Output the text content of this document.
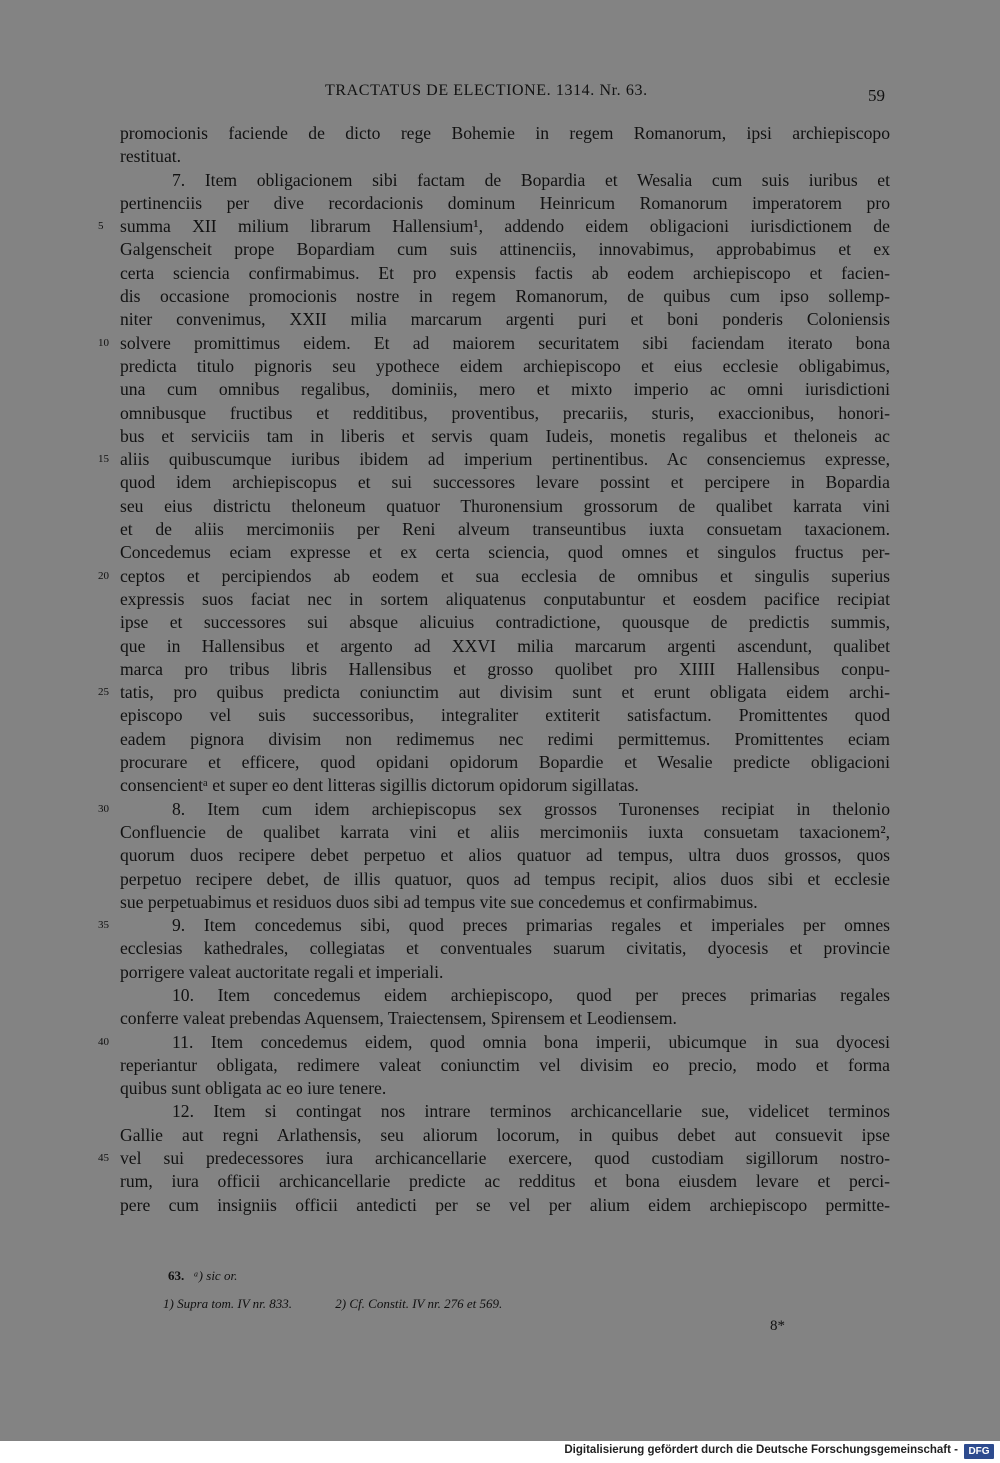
TRACTATUS DE ELECTIONE. 1314. Nr. 63.	59
promocionis faciende de dicto rege Bohemie in regem Romanorum, ipsi archiepiscopo
restituat.
7. Item obligacionem sibi factam de Bopardia et Wesalia cum suis iuribus et
pertinenciis per dive recordacionis dominum Heinricum Romanorum imperatorem pro
5 summa XII milium librarum Hallensium¹, addendo eidem obligacioni iurisdictionem de
Galgenscheit prope Bopardiam cum suis attinenciis, innovabimus, approbabimus et ex
certa sciencia confirmabimus. Et pro expensis factis ab eodem archiepiscopo et facien-
dis occasione promocionis nostre in regem Romanorum, de quibus cum ipso sollemp-
niter convenimus, XXII milia marcarum argenti puri et boni ponderis Coloniensis
10 solvere promittimus eidem. Et ad maiorem securitatem sibi faciendam iterato bona
predicta titulo pignoris seu ypothece eidem archiepiscopo et eius ecclesie obligabimus,
una cum omnibus regalibus, dominiis, mero et mixto imperio ac omni iurisdictioni
omnibusque fructibus et redditibus, proventibus, precariis, sturis, exaccionibus, honori-
bus et serviciis tam in liberis et servis quam Iudeis, monetis regalibus et theloneis ac
15 aliis quibuscumque iuribus ibidem ad imperium pertinentibus. Ac consenciemus expresse,
quod idem archiepiscopus et sui successores levare possint et percipere in Bopardia
seu eius districtu theloneum quatuor Thuronensium grossorum de qualibet karrata vini
et de aliis mercimoniis per Reni alveum transeuntibus iuxta consuetam taxacionem.
Concedemus eciam expresse et ex certa sciencia, quod omnes et singulos fructus per-
20 ceptos et percipiendos ab eodem et sua ecclesia de omnibus et singulis superius
expressis suos faciat nec in sortem aliquatenus conputabuntur et eosdem pacifice recipiat
ipse et successores sui absque alicuius contradictione, quousque de predictis summis,
que in Hallensibus et argento ad XXVI milia marcarum argenti ascendunt, qualibet
marca pro tribus libris Hallensibus et grosso quolibet pro XIIII Hallensibus conpu-
25 tatis, pro quibus predicta coniunctim aut divisim sunt et erunt obligata eidem archi-
episcopo vel suis successoribus, integraliter extiterit satisfactum. Promittentes quod
eadem pignora divisim non redimemus nec redimi permittemus. Promittentes eciam
procurare et efficere, quod opidani opidorum Bopardie et Wesalie predicte obligacioni
consencientᵃ et super eo dent litteras sigillis dictorum opidorum sigillatas.
30	8. Item cum idem archiepiscopus sex grossos Turonenses recipiat in thelonio
Confluencie de qualibet karrata vini et aliis mercimoniis iuxta consuetam taxacionem²,
quorum duos recipere debet perpetuo et alios quatuor ad tempus, ultra duos grossos, quos
perpetuo recipere debet, de illis quatuor, quos ad tempus recipit, alios duos sibi et ecclesie
sue perpetuabimus et residuos duos sibi ad tempus vite sue concedemus et confirmabimus.
35	9. Item concedemus sibi, quod preces primarias regales et imperiales per omnes
ecclesias kathedrales, collegiatas et conventuales suarum civitatis, dyocesis et provincie
porrigere valeat auctoritate regali et imperiali.
10. Item concedemus eidem archiepiscopo, quod per preces primarias regales
conferre valeat prebendas Aquensem, Traiectensem, Spirensem et Leodiensem.
40	11. Item concedemus eidem, quod omnia bona imperii, ubicumque in sua dyocesi
reperiantur obligata, redimere valeat coniunctim vel divisim eo precio, modo et forma
quibus sunt obligata ac eo iure tenere.
12. Item si contingat nos intrare terminos archicancellarie sue, videlicet terminos
Gallie aut regni Arlathensis, seu aliorum locorum, in quibus debet aut consuevit ipse
45 vel sui predecessores iura archicancellarie exercere, quod custodiam sigillorum nostro-
rum, iura officii archicancellarie predicte ac redditus et bona eiusdem levare et perci-
pere cum insigniis officii antedicti per se vel per alium eidem archiepiscopo permitte-
63. ᵃ) sic or.
1) Supra tom. IV nr. 833.	2) Cf. Constit. IV nr. 276 et 569.
8*
Digitalisierung gefördert durch die Deutsche Forschungsgemeinschaft -	DFG
